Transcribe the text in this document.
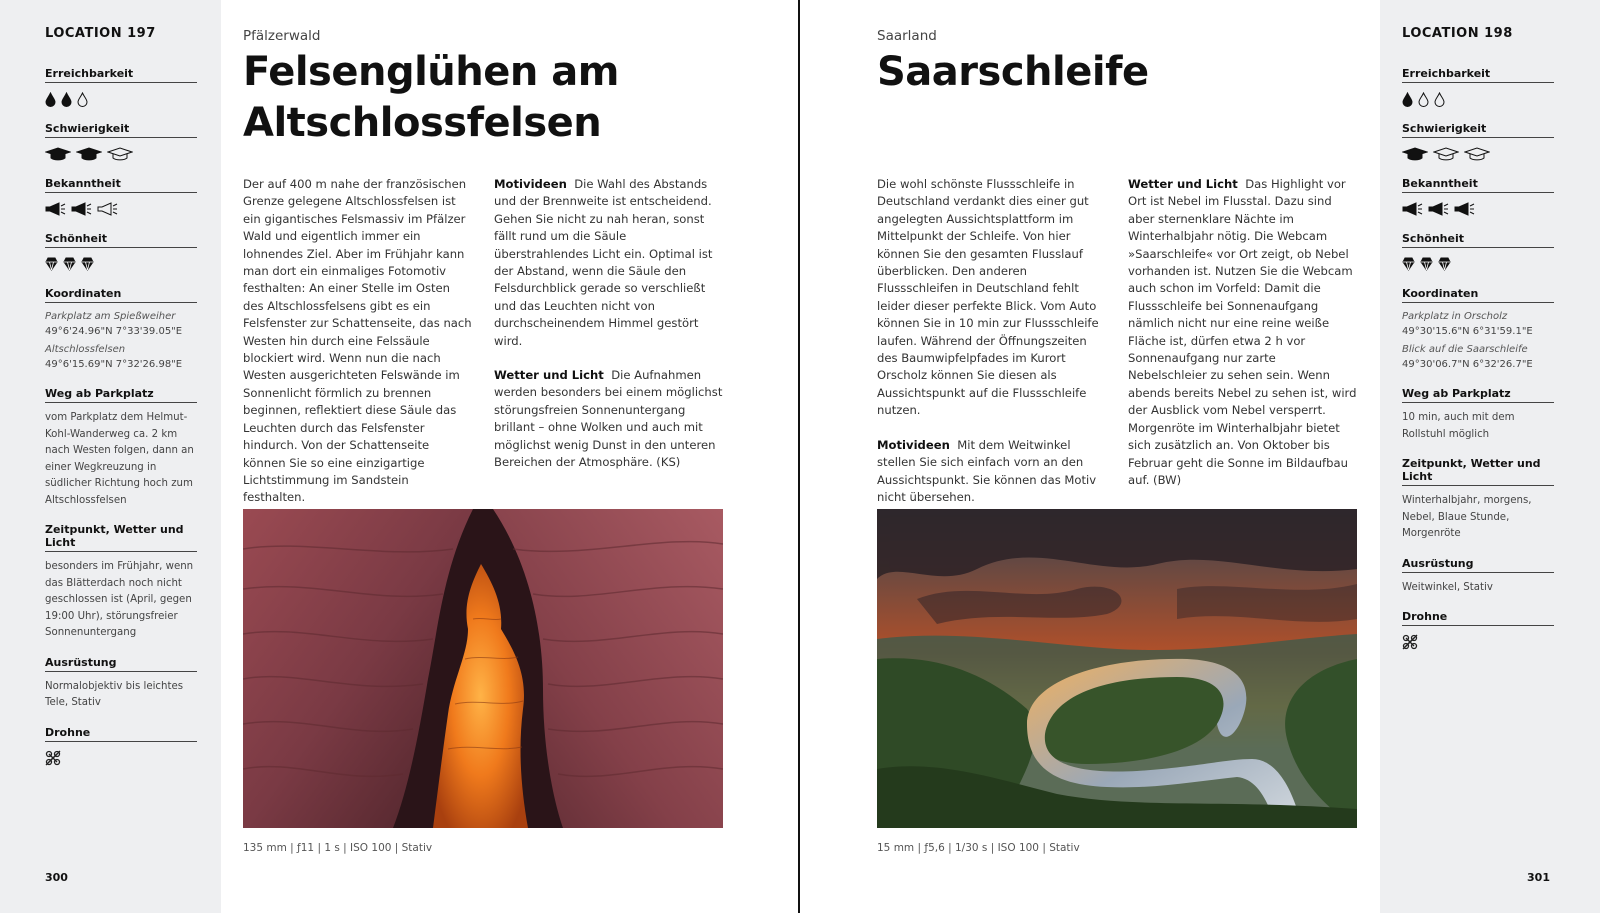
LOCATION 197
Erreichbarkeit
Schwierigkeit
Bekanntheit
Schönheit
Koordinaten
Parkplatz am Spießweiher
49°6'24.96"N 7°33'39.05"E
Altschlossfelsen
49°6'15.69"N 7°32'26.98"E
Weg ab Parkplatz
vom Parkplatz dem Helmut-Kohl-Wanderweg ca. 2 km nach Westen folgen, dann an einer Wegkreuzung in südlicher Richtung hoch zum Altschlossfelsen
Zeitpunkt, Wetter und Licht
besonders im Frühjahr, wenn das Blätterdach noch nicht geschlossen ist (April, gegen 19:00 Uhr), störungsfreier Sonnenuntergang
Ausrüstung
Normalobjektiv bis leichtes Tele, Stativ
Drohne
300
Pfälzerwald
Felsenglühen am
Altschlossfelsen

Der auf 400 m nahe der französischen Grenze gelegene Altschlossfelsen ist ein gigantisches Felsmassiv im Pfälzer Wald und eigentlich immer ein lohnendes Ziel. Aber im Frühjahr kann man dort ein einmaliges Fotomotiv festhalten: An einer Stelle im Osten des Altschlossfelsens gibt es ein Felsfenster zur Schattenseite, das nach Westen hin durch eine Felssäule blockiert wird. Wenn nun die nach Westen ausgerichteten Felswände im Sonnenlicht förmlich zu brennen beginnen, reflektiert diese Säule das Leuchten durch das Felsfenster hindurch. Von der Schattenseite können Sie so eine einzigartige Lichtstimmung im Sandstein festhalten.

Motivideen Die Wahl des Abstands und der Brennweite ist entscheidend. Gehen Sie nicht zu nah heran, sonst fällt rund um die Säule überstrahlendes Licht ein. Optimal ist der Abstand, wenn die Säule den Felsdurchblick gerade so verschließt und das Leuchten nicht von durchscheinendem Himmel gestört wird.

Wetter und Licht Die Aufnahmen werden besonders bei einem möglichst störungsfreien Sonnenuntergang brillant – ohne Wolken und auch mit möglichst wenig Dunst in den unteren Bereichen der Atmosphäre. (KS)

135 mm | ƒ11 | 1 s | ISO 100 | Stativ
Saarland
Saarschleife

Die wohl schönste Flussschleife in Deutschland verdankt dies einer gut angelegten Aussichtsplattform im Mittelpunkt der Schleife. Von hier können Sie den gesamten Flusslauf überblicken. Den anderen Flussschleifen in Deutschland fehlt leider dieser perfekte Blick. Vom Auto können Sie in 10 min zur Flussschleife laufen. Während der Öffnungszeiten des Baumwipfelpfades im Kurort Orscholz können Sie diesen als Aussichtspunkt auf die Flussschleife nutzen.

Motivideen Mit dem Weitwinkel stellen Sie sich einfach vorn an den Aussichtspunkt. Sie können das Motiv nicht übersehen.

Wetter und Licht Das Highlight vor Ort ist Nebel im Flusstal. Dazu sind aber sternenklare Nächte im Winterhalbjahr nötig. Die Webcam »Saarschleife« vor Ort zeigt, ob Nebel vorhanden ist. Nutzen Sie die Webcam auch schon im Vorfeld: Damit die Flussschleife bei Sonnenaufgang nämlich nicht nur eine reine weiße Fläche ist, dürfen etwa 2 h vor Sonnenaufgang nur zarte Nebelschleier zu sehen sein. Wenn abends bereits Nebel zu sehen ist, wird der Ausblick vom Nebel versperrt. Morgenröte im Winterhalbjahr bietet sich zusätzlich an. Von Oktober bis Februar geht die Sonne im Bildaufbau auf. (BW)

15 mm | ƒ5,6 | 1/30 s | ISO 100 | Stativ
LOCATION 198
Erreichbarkeit
Schwierigkeit
Bekanntheit
Schönheit
Koordinaten
Parkplatz in Orscholz
49°30'15.6"N 6°31'59.1"E
Blick auf die Saarschleife
49°30'06.7"N 6°32'26.7"E
Weg ab Parkplatz
10 min, auch mit dem Rollstuhl möglich
Zeitpunkt, Wetter und Licht
Winterhalbjahr, morgens, Nebel, Blaue Stunde, Morgenröte
Ausrüstung
Weitwinkel, Stativ
Drohne
301
